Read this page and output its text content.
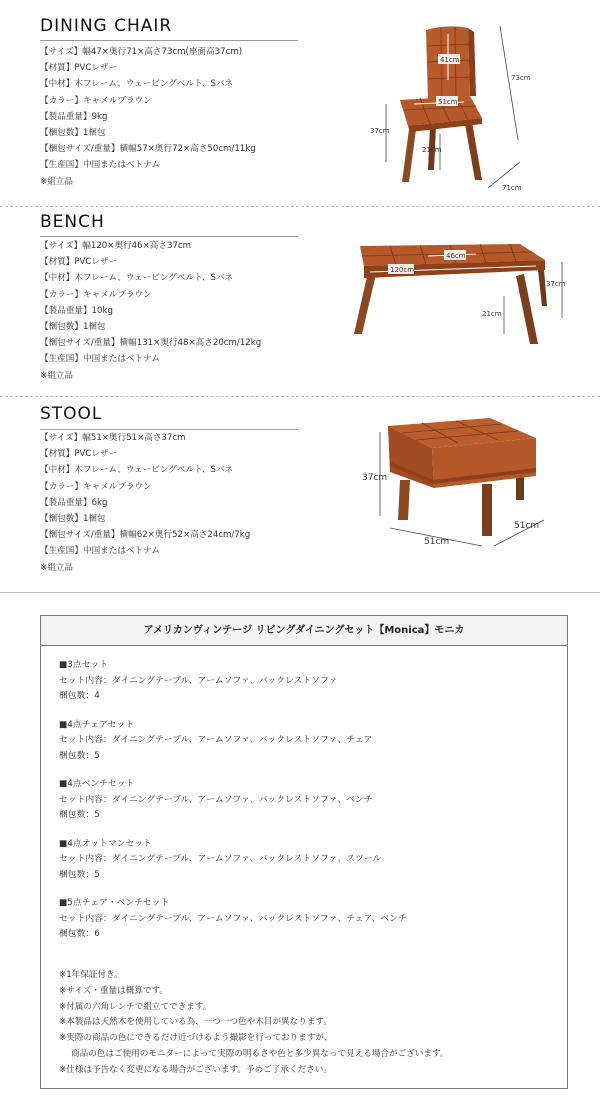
DINING CHAIR
【サイズ】幅47×奥行71×高さ73cm(座面高37cm)
【材質】PVCレザー
【中材】木フレーム、ウェービングベルト、Sバネ
【カラー】キャメルブラウン
【製品重量】9kg
【梱包数】1梱包
【梱包サイズ/重量】横幅57×奥行72×高さ50cm/11kg
【生産国】中国またはベトナム
※組立品
41cm
51cm
73cm
37cm
21cm
71cm
BENCH
【サイズ】幅120×奥行46×高さ37cm
【材質】PVCレザー
【中材】木フレーム、ウェービングベルト、Sバネ
【カラー】キャメルブラウン
【製品重量】10kg
【梱包数】1梱包
【梱包サイズ/重量】横幅131×奥行48×高さ20cm/12kg
【生産国】中国またはベトナム
※組立品
46cm
120cm
37cm
21cm
STOOL
【サイズ】幅51×奥行51×高さ37cm
【材質】PVCレザー
【中材】木フレーム、ウェービングベルト、Sバネ
【カラー】キャメルブラウン
【製品重量】6kg
【梱包数】1梱包
【梱包サイズ/重量】横幅62×奥行52×高さ24cm/7kg
【生産国】中国またはベトナム
※組立品
37cm
51cm
51cm
アメリカンヴィンテージ リビングダイニングセット【Monica】モニカ
■3点セット
セット内容：ダイニングテーブル、アームソファ、バックレストソファ
梱包数：4
■4点チェアセット
セット内容：ダイニングテーブル、アームソファ、バックレストソファ、チェア
梱包数：5
■4点ベンチセット
セット内容：ダイニングテーブル、アームソファ、バックレストソファ、ベンチ
梱包数：5
■4点オットマンセット
セット内容：ダイニングテーブル、アームソファ、バックレストソファ、スツール
梱包数：5
■5点チェア・ベンチセット
セット内容：ダイニングテーブル、アームソファ、バックレストソファ、チェア、ベンチ
梱包数：6
※1年保証付き。
※サイズ・重量は概算です。
※付属の六角レンチで組立てできます。
※本製品は天然木を使用している為、一つ一つ色や木目が異なります。
※実際の商品の色にできるだけ近づけるよう撮影を行っておりますが、
商品の色はご使用のモニターによって実際の明るさや色と多少異なって見える場合がございます。
※仕様は予告なく変更になる場合がございます。予めご了承ください。
